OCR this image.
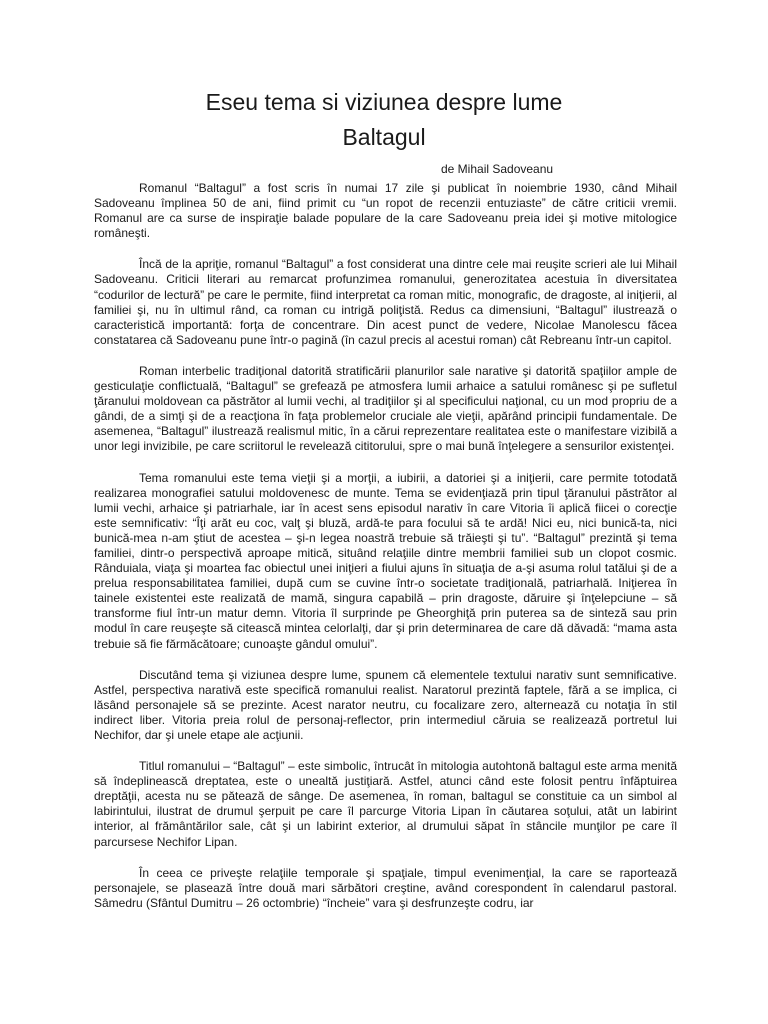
Eseu tema si viziunea despre lume
Baltagul

de Mihail Sadoveanu

Romanul “Baltagul” a fost scris în numai 17 zile şi publicat în noiembrie 1930, când Mihail Sadoveanu împlinea 50 de ani, fiind primit cu “un ropot de recenzii entuziaste” de către criticii vremii. Romanul are ca surse de inspiraţie balade populare de la care Sadoveanu preia idei şi motive mitologice româneşti.

Încă de la apriţie, romanul “Baltagul” a fost considerat una dintre cele mai reuşite scrieri ale lui Mihail Sadoveanu. Criticii literari au remarcat profunzimea romanului, generozitatea acestuia în diversitatea “codurilor de lectură” pe care le permite, fiind interpretat ca roman mitic, monografic, de dragoste, al iniţierii, al familiei şi, nu în ultimul rând, ca roman cu intrigă poliţistă. Redus ca dimensiuni, “Baltagul” ilustrează o caracteristică importantă: forţa de concentrare. Din acest punct de vedere, Nicolae Manolescu făcea constatarea că Sadoveanu pune într-o pagină (în cazul precis al acestui roman) cât Rebreanu într-un capitol.

Roman interbelic tradiţional datorită stratificării planurilor sale narative şi datorită spaţiilor ample de gesticulaţie conflictuală, “Baltagul” se grefează pe atmosfera lumii arhaice a satului românesc şi pe sufletul ţăranului moldovean ca păstrător al lumii vechi, al tradiţiilor şi al specificului naţional, cu un mod propriu de a gândi, de a simţi şi de a reacţiona în faţa problemelor cruciale ale vieţii, apărând principii fundamentale. De asemenea, “Baltagul” ilustrează realismul mitic, în a cărui reprezentare realitatea este o manifestare vizibilă a unor legi invizibile, pe care scriitorul le revelează cititorului, spre o mai bună înţelegere a sensurilor existenţei.

Tema romanului este tema vieţii şi a morţii, a iubirii, a datoriei şi a iniţierii, care permite totodată realizarea monografiei satului moldovenesc de munte. Tema se evidenţiază prin tipul ţăranului păstrător al lumii vechi, arhaice şi patriarhale, iar în acest sens episodul narativ în care Vitoria îi aplică fiicei o corecţie este semnificativ: “Îţi arăt eu coc, valţ şi bluză, ardă-te para focului să te ardă! Nici eu, nici bunică-ta, nici bunică-mea n-am ştiut de acestea – şi-n legea noastră trebuie să trăieşti şi tu”. “Baltagul” prezintă şi tema familiei, dintr-o perspectivă aproape mitică, situând relaţiile dintre membrii familiei sub un clopot cosmic. Rânduiala, viaţa şi moartea fac obiectul unei iniţieri a fiului ajuns în situaţia de a-şi asuma rolul tatălui şi de a prelua responsabilitatea familiei, după cum se cuvine într-o societate tradiţională, patriarhală. Iniţierea în tainele existentei este realizată de mamă, singura capabilă – prin dragoste, dăruire şi înţelepciune – să transforme fiul într-un matur demn. Vitoria îl surprinde pe Gheorghiţă prin puterea sa de sinteză sau prin modul în care reuşeşte să citească mintea celorlalţi, dar şi prin determinarea de care dă dăvadă: “mama asta trebuie să fie fărmăcătoare; cunoaşte gândul omului”.

Discutând tema şi viziunea despre lume, spunem că elementele textului narativ sunt semnificative. Astfel, perspectiva narativă este specifică romanului realist. Naratorul prezintă faptele, fără a se implica, ci lăsând personajele să se prezinte. Acest narator neutru, cu focalizare zero, alternează cu notaţia în stil indirect liber. Vitoria preia rolul de personaj-reflector, prin intermediul căruia se realizează portretul lui Nechifor, dar şi unele etape ale acţiunii.

Titlul romanului – “Baltagul” – este simbolic, întrucât în mitologia autohtonă baltagul este arma menită să îndeplinească dreptatea, este o unealtă justiţiară. Astfel, atunci când este folosit pentru înfăptuirea dreptăţii, acesta nu se pătează de sânge. De asemenea, în roman, baltagul se constituie ca un simbol al labirintului, ilustrat de drumul şerpuit pe care îl parcurge Vitoria Lipan în căutarea soţului, atât un labirint interior, al frământărilor sale, cât şi un labirint exterior, al drumului săpat în stâncile munţilor pe care îl parcursese Nechifor Lipan.

În ceea ce priveşte relaţiile temporale şi spaţiale, timpul evenimenţial, la care se raportează personajele, se plasează între două mari sărbători creştine, având corespondent în calendarul pastoral. Sâmedru (Sfântul Dumitru – 26 octombrie) “încheie” vara şi desfrunzeşte codru, iar
